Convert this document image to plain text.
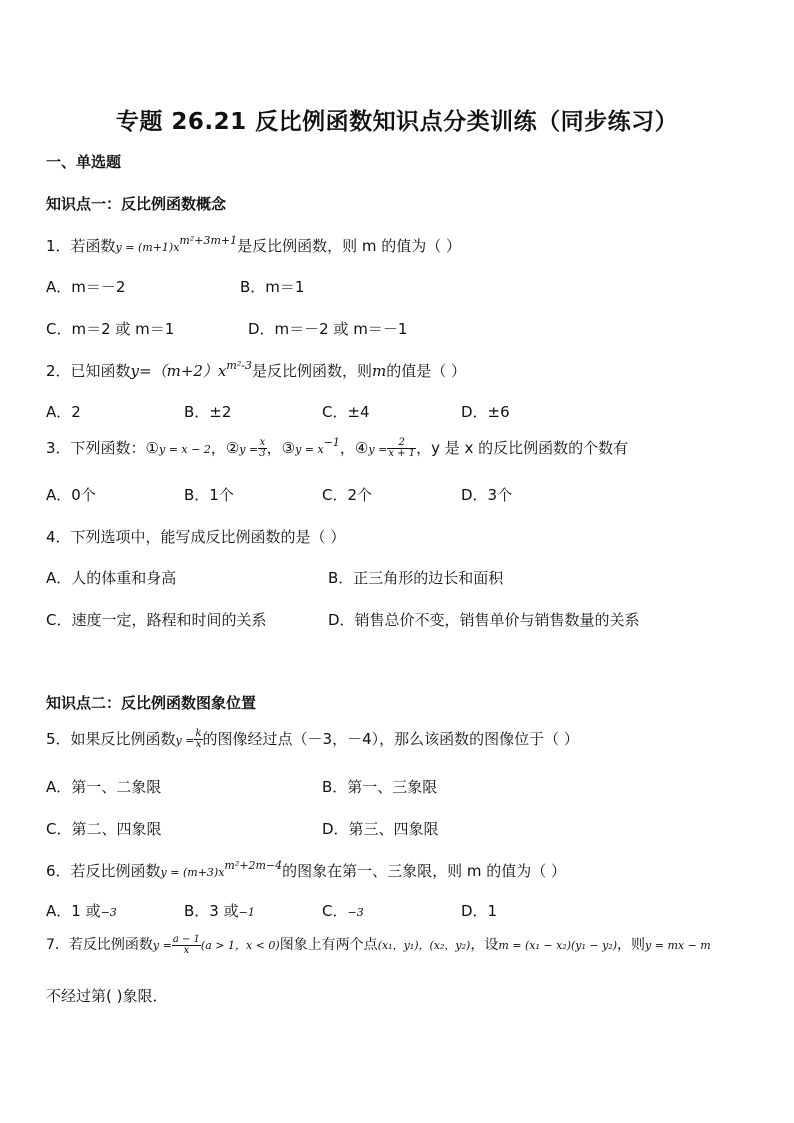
专题 26.21 反比例函数知识点分类训练（同步练习）
一、单选题
知识点一：反比例函数概念
1．若函数$y = (m+1)x^{m^2+3m+1}$是反比例函数，则 m 的值为（ ）
A．m＝－2	B．m＝1
C．m＝2 或 m＝1	D．m＝－2 或 m＝－1
2．已知函数$y=(m+2)x^{m^2-3}$是反比例函数，则m的值是（ ）
A．2	B．±2	C．±4	D．±6
3．下列函数：①y = x − 2，②y = $\frac{x}{3}$ ，③y = $x^{-1}$，④y = $\frac{2}{x + 1}$ ，y 是 x 的反比例函数的个数有
A．0个	B．1个	C．2个	D．3个
4．下列选项中，能写成反比例函数的是（ ）
A．人的体重和身高	B．正三角形的边长和面积
C．速度一定，路程和时间的关系	D．销售总价不变，销售单价与销售数量的关系
知识点二：反比例函数图象位置
5．如果反比例函数$y = \frac{k}{x}$ 的图像经过点（－3，－4），那么该函数的图像位于（ ）
A．第一、二象限	B．第一、三象限
C．第二、四象限	D．第三、四象限
6．若反比例函数$y = (m+3)x^{m^2+2m-4}$的图象在第一、三象限，则 m 的值为（ ）
A．1 或−3	B．3 或−1	C．−3	D．1
7．若反比例函数$y = \frac{a - 1}{x} (a > 1$，x < 0)图象上有两个点(x₁，y₁)，(x₂，y₂)，设m = (x₁ − x₂)(y₁ − y₂)，则y = mx − m
不经过第( )象限．
